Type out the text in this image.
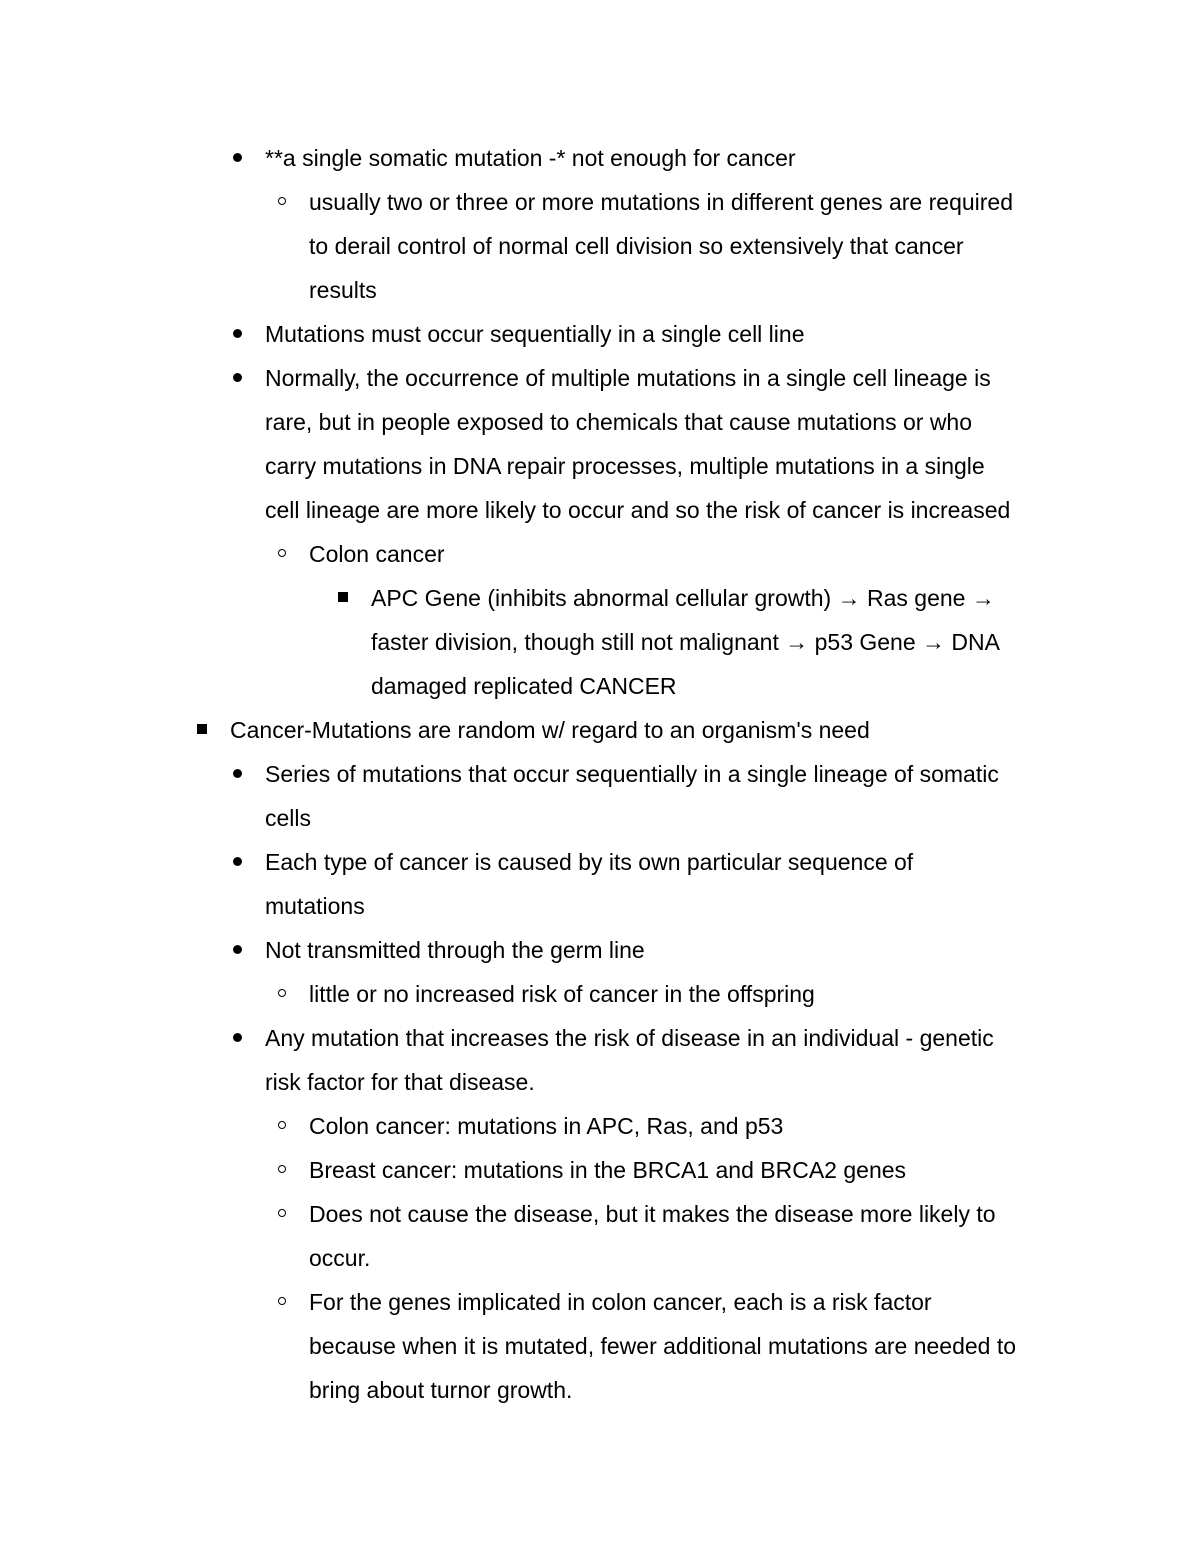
**a single somatic mutation -* not enough for cancer
usually two or three or more mutations in different genes are required
to derail control of normal cell division so extensively that cancer
results
Mutations must occur sequentially in a single cell line
Normally, the occurrence of multiple mutations in a single cell lineage is
rare, but in people exposed to chemicals that cause mutations or who
carry mutations in DNA repair processes, multiple mutations in a single
cell lineage are more likely to occur and so the risk of cancer is increased
Colon cancer
APC Gene (inhibits abnormal cellular growth) → Ras gene →
faster division, though still not malignant → p53 Gene → DNA
damaged replicated CANCER
Cancer-Mutations are random w/ regard to an organism's need
Series of mutations that occur sequentially in a single lineage of somatic
cells
Each type of cancer is caused by its own particular sequence of
mutations
Not transmitted through the germ line
little or no increased risk of cancer in the offspring
Any mutation that increases the risk of disease in an individual - genetic
risk factor for that disease.
Colon cancer: mutations in APC, Ras, and p53
Breast cancer: mutations in the BRCA1 and BRCA2 genes
Does not cause the disease, but it makes the disease more likely to
occur.
For the genes implicated in colon cancer, each is a risk factor
because when it is mutated, fewer additional mutations are needed to
bring about turnor growth.
